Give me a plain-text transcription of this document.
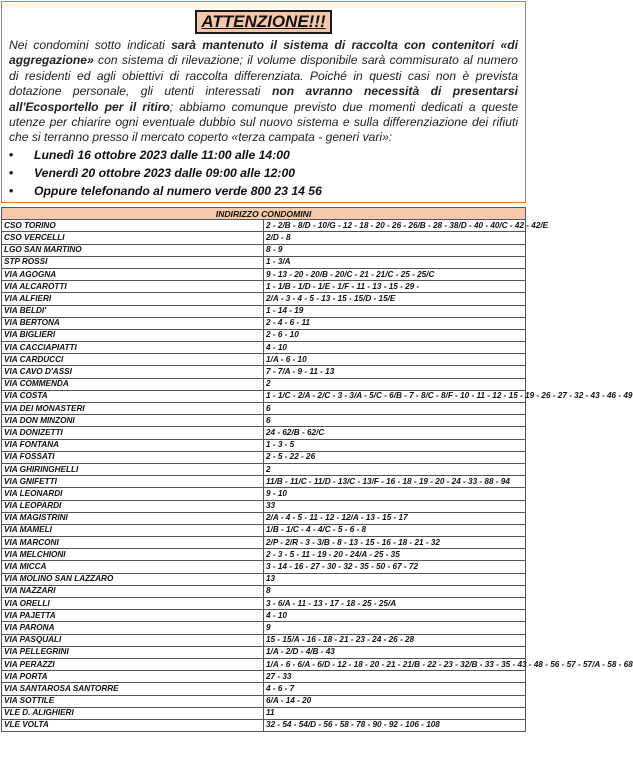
ATTENZIONE!!!

Nei condomini sotto indicati sarà mantenuto il sistema di raccolta con contenitori «di aggregazione» con sistema di rilevazione; il volume disponibile sarà commisurato al numero di residenti ed agli obiettivi di raccolta differenziata. Poiché in questi casi non è prevista dotazione personale, gli utenti interessati non avranno necessità di presentarsi all'Ecosportello per il ritiro; abbiamo comunque previsto due momenti dedicati a queste utenze per chiarire ogni eventuale dubbio sul nuovo sistema e sulla differenziazione dei rifiuti che si terranno presso il mercato coperto «terza campata - generi vari»:

•	Lunedì 16 ottobre 2023 dalle 11:00 alle 14:00
•	Venerdì 20 ottobre 2023 dalle 09:00 alle 12:00
•	Oppure telefonando al numero verde 800 23 14 56
INDIRIZZO CONDOMINI	
CSO TORINO	2 - 2/B - 8/D - 10/G - 12 - 18 - 20 - 26 - 26/B - 28 - 38/D - 40 - 40/C - 42 - 42/E
CSO VERCELLI	2/D - 8
LGO SAN MARTINO	8 - 9
STP ROSSI	1 - 3/A
VIA AGOGNA	9 - 13 - 20 - 20/B - 20/C - 21 - 21/C - 25 - 25/C
VIA ALCAROTTI	1 - 1/B - 1/D - 1/E - 1/F - 11 - 13 - 15 - 29 -
VIA ALFIERI	2/A - 3 - 4 - 5 - 13 - 15 - 15/D - 15/E
VIA BELDI'	1 - 14 - 19
VIA BERTONA	2 - 4 - 6 - 11
VIA BIGLIERI	2 - 6 - 10
VIA CACCIAPIATTI	4 - 10
VIA CARDUCCI	1/A - 6 - 10
VIA CAVO D'ASSI	7 - 7/A - 9 - 11 - 13
VIA COMMENDA	2
VIA COSTA	1 - 1/C - 2/A - 2/C - 3 - 3/A - 5/C - 6/B - 7 - 8/C - 8/F - 10 - 11 - 12 - 15 - 19 - 26 - 27 - 32 - 43 - 46 - 49
VIA DEI MONASTERI	6
VIA DON MINZONI	6
VIA DONIZETTI	24 - 62/B - 62/C
VIA FONTANA	1 - 3 - 5
VIA FOSSATI	2 - 5 - 22 - 26
VIA GHIRINGHELLI	2
VIA GNIFETTI	11/B - 11/C - 11/D - 13/C - 13/F - 16 - 18 - 19 - 20 - 24 - 33 - 88 - 94
VIA LEONARDI	9 - 10
VIA LEOPARDI	33
VIA MAGISTRINI	2/A - 4 - 5 - 11 - 12 - 12/A - 13 - 15 - 17
VIA MAMELI	1/B - 1/C - 4 - 4/C - 5 - 6 - 8
VIA MARCONI	2/P - 2/R - 3 - 3/B - 8 - 13 - 15 - 16 - 18 - 21 - 32
VIA MELCHIONI	2 - 3 - 5 - 11 - 19 - 20 - 24/A - 25 - 35
VIA MICCA	3 - 14 - 16 - 27 - 30 - 32 - 35 - 50 - 67 - 72
VIA MOLINO SAN LAZZARO	13
VIA NAZZARI	8
VIA ORELLI	3 - 6/A - 11 - 13 - 17 - 18 - 25 - 25/A
VIA PAJETTA	4 - 10
VIA PARONA	9
VIA PASQUALI	15 - 15/A - 16 - 18 - 21 - 23 - 24 - 26 - 28
VIA PELLEGRINI	1/A - 2/D - 4/B - 43
VIA PERAZZI	1/A - 6 - 6/A - 6/D - 12 - 18 - 20 - 21 - 21/B - 22 - 23 - 32/B - 33 - 35 - 43 - 48 - 56 - 57 - 57/A - 58 - 68
VIA PORTA	27 - 33
VIA SANTAROSA SANTORRE	4 - 6 - 7
VIA SOTTILE	6/A - 14 - 20
VLE D. ALIGHIERI	11
VLE VOLTA	32 - 54 - 54/D - 56 - 58 - 78 - 90 - 92 - 106 - 108
